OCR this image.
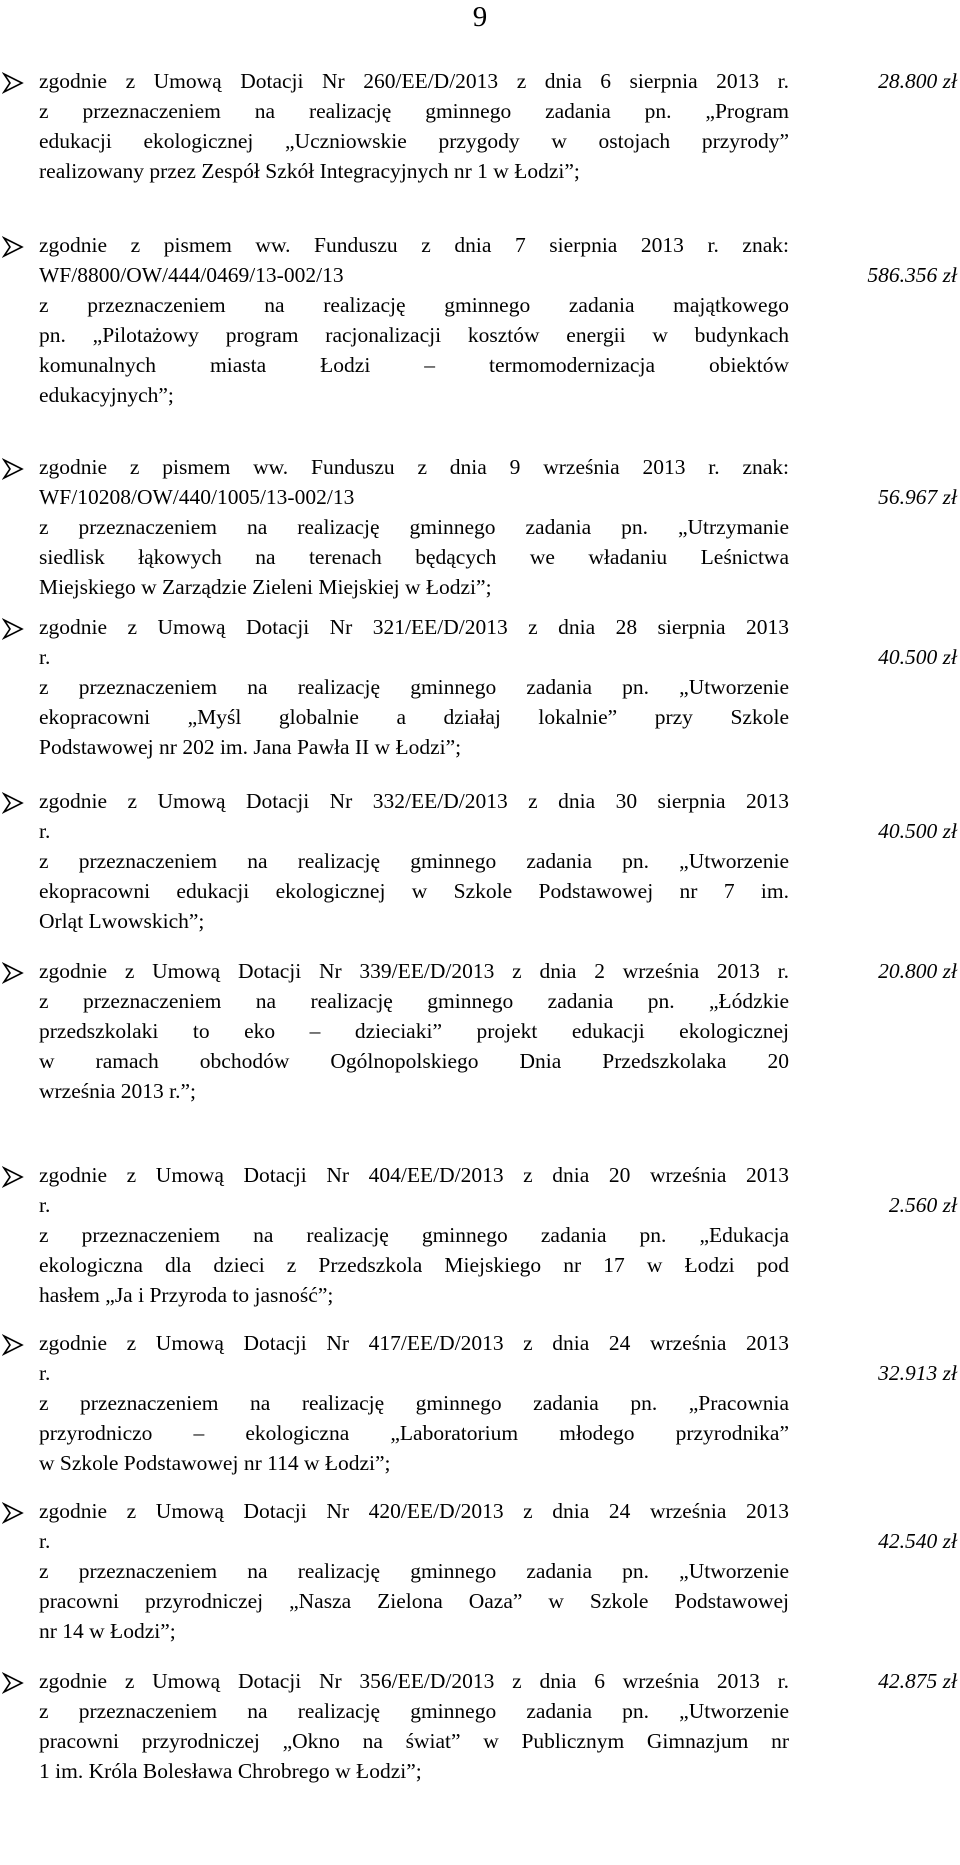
9
zgodnie z Umową Dotacji Nr 260/EE/D/2013 z dnia 6 sierpnia 2013 r.
z przeznaczeniem na realizację gminnego zadania pn. „Program
edukacji ekologicznej „Uczniowskie przygody w ostojach przyrody”
realizowany przez Zespół Szkół Integracyjnych nr 1 w Łodzi”;
28.800 zł
zgodnie z pismem ww. Funduszu z dnia 7 sierpnia 2013 r. znak:
WF/8800/OW/444/0469/13-002/13
z przeznaczeniem na realizację gminnego zadania majątkowego
pn. „Pilotażowy program racjonalizacji kosztów energii w budynkach
komunalnych miasta Łodzi – termomodernizacja obiektów
edukacyjnych”;
586.356 zł
zgodnie z pismem ww. Funduszu z dnia 9 września 2013 r. znak:
WF/10208/OW/440/1005/13-002/13
z przeznaczeniem na realizację gminnego zadania pn. „Utrzymanie
siedlisk łąkowych na terenach będących we władaniu Leśnictwa
Miejskiego w Zarządzie Zieleni Miejskiej w Łodzi”;
56.967 zł
zgodnie z Umową Dotacji Nr 321/EE/D/2013 z dnia 28 sierpnia 2013
r.
z przeznaczeniem na realizację gminnego zadania pn. „Utworzenie
ekopracowni „Myśl globalnie a działaj lokalnie” przy Szkole
Podstawowej nr 202 im. Jana Pawła II w Łodzi”;
40.500 zł
zgodnie z Umową Dotacji Nr 332/EE/D/2013 z dnia 30 sierpnia 2013
r.
z przeznaczeniem na realizację gminnego zadania pn. „Utworzenie
ekopracowni edukacji ekologicznej w Szkole Podstawowej nr 7 im.
Orląt Lwowskich”;
40.500 zł
zgodnie z Umową Dotacji Nr 339/EE/D/2013 z dnia 2 września 2013 r.
z przeznaczeniem na realizację gminnego zadania pn. „Łódzkie
przedszkolaki to eko – dzieciaki” projekt edukacji ekologicznej
w ramach obchodów Ogólnopolskiego Dnia Przedszkolaka 20
września 2013 r.”;
20.800 zł
zgodnie z Umową Dotacji Nr 404/EE/D/2013 z dnia 20 września 2013
r.
z przeznaczeniem na realizację gminnego zadania pn. „Edukacja
ekologiczna dla dzieci z Przedszkola Miejskiego nr 17 w Łodzi pod
hasłem „Ja i Przyroda to jasność”;
2.560 zł
zgodnie z Umową Dotacji Nr 417/EE/D/2013 z dnia 24 września 2013
r.
z przeznaczeniem na realizację gminnego zadania pn. „Pracownia
przyrodniczo – ekologiczna „Laboratorium młodego przyrodnika”
w Szkole Podstawowej nr 114 w Łodzi”;
32.913 zł
zgodnie z Umową Dotacji Nr 420/EE/D/2013 z dnia 24 września 2013
r.
z przeznaczeniem na realizację gminnego zadania pn. „Utworzenie
pracowni przyrodniczej „Nasza Zielona Oaza” w Szkole Podstawowej
nr 14 w Łodzi”;
42.540 zł
zgodnie z Umową Dotacji Nr 356/EE/D/2013 z dnia 6 września 2013 r.
z przeznaczeniem na realizację gminnego zadania pn. „Utworzenie
pracowni przyrodniczej „Okno na świat” w Publicznym Gimnazjum nr
1 im. Króla Bolesława Chrobrego w Łodzi”;
42.875 zł
